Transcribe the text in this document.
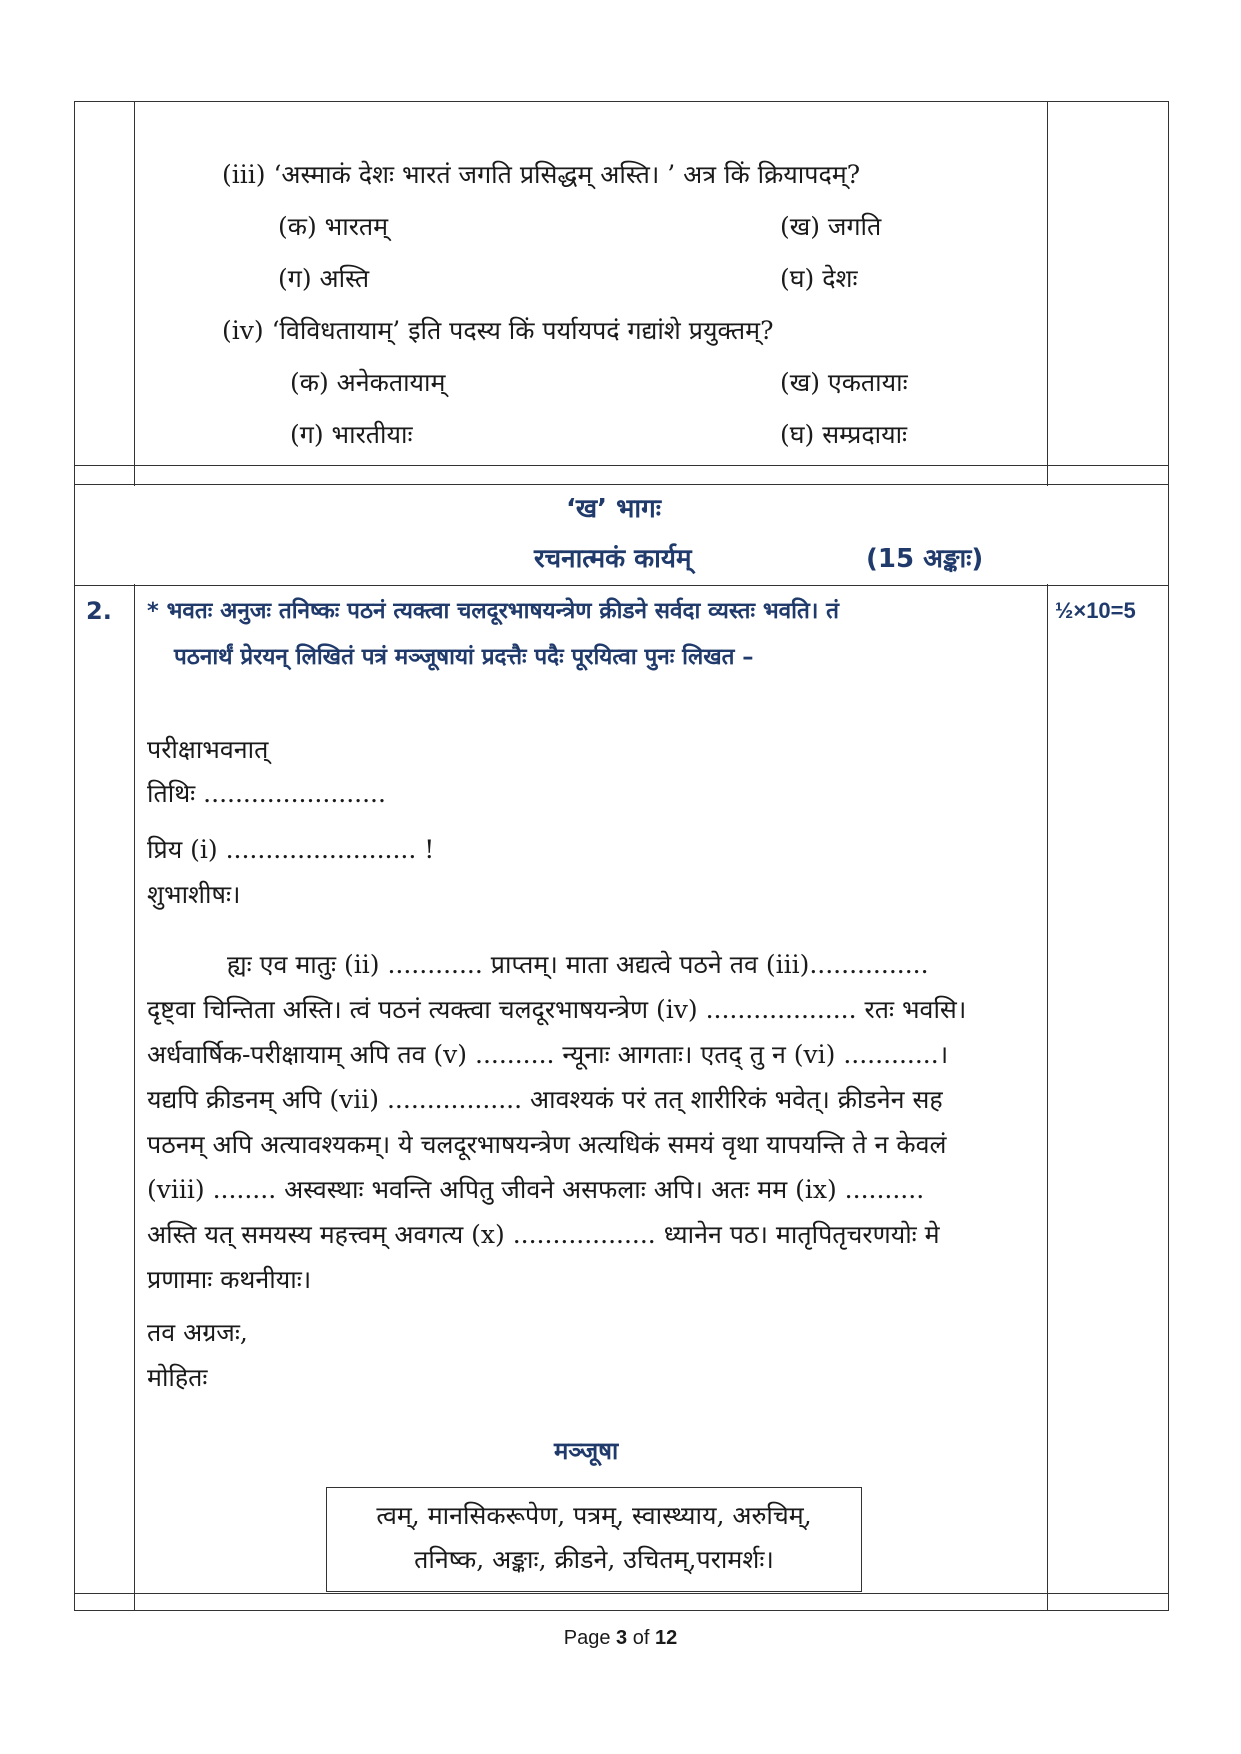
(iii) ‘अस्माकं देशः भारतं जगति प्रसिद्धम् अस्ति। ’ अत्र किं क्रियापदम्?
(क) भारतम्	(ख) जगति
(ग) अस्ति	(घ) देशः
(iv) ‘विविधतायाम्’ इति पदस्य किं पर्यायपदं गद्यांशे प्रयुक्तम्?
(क) अनेकतायाम्	(ख) एकतायाः
(ग) भारतीयाः	(घ) सम्प्रदायाः
‘ख’ भागः
रचनात्मकं कार्यम्	(15 अङ्काः)
2.	½×10=5
* भवतः अनुजः तनिष्कः पठनं त्यक्त्वा चलदूरभाषयन्त्रेण क्रीडने सर्वदा व्यस्तः भवति। तं
पठनार्थं प्रेरयन् लिखितं पत्रं मञ्जूषायां प्रदत्तैः पदैः पूरयित्वा पुनः लिखत –
परीक्षाभवनात्
तिथिः .......................
प्रिय (i) ........................ !
शुभाशीषः।
ह्यः एव मातुः (ii) ............ प्राप्तम्। माता अद्यत्वे पठने तव (iii)...............
दृष्ट्वा चिन्तिता अस्ति। त्वं पठनं त्यक्त्वा चलदूरभाषयन्त्रेण (iv) ................... रतः भवसि।
अर्धवार्षिक-परीक्षायाम् अपि तव (v) .......... न्यूनाः आगताः। एतद् तु न (vi) ............।
यद्यपि क्रीडनम् अपि (vii) ................. आवश्यकं परं तत् शारीरिकं भवेत्। क्रीडनेन सह
पठनम् अपि अत्यावश्यकम्। ये चलदूरभाषयन्त्रेण अत्यधिकं समयं वृथा यापयन्ति ते न केवलं
(viii) ........ अस्वस्थाः भवन्ति अपितु जीवने असफलाः अपि। अतः मम (ix) ..........
अस्ति यत् समयस्य महत्त्वम् अवगत्य (x) .................. ध्यानेन पठ। मातृपितृचरणयोः मे
प्रणामाः कथनीयाः।
तव अग्रजः,
मोहितः
मञ्जूषा
त्वम्, मानसिकरूपेण, पत्रम्, स्वास्थ्याय, अरुचिम्,
तनिष्क, अङ्काः, क्रीडने, उचितम्,परामर्शः।
Page 3 of 12
